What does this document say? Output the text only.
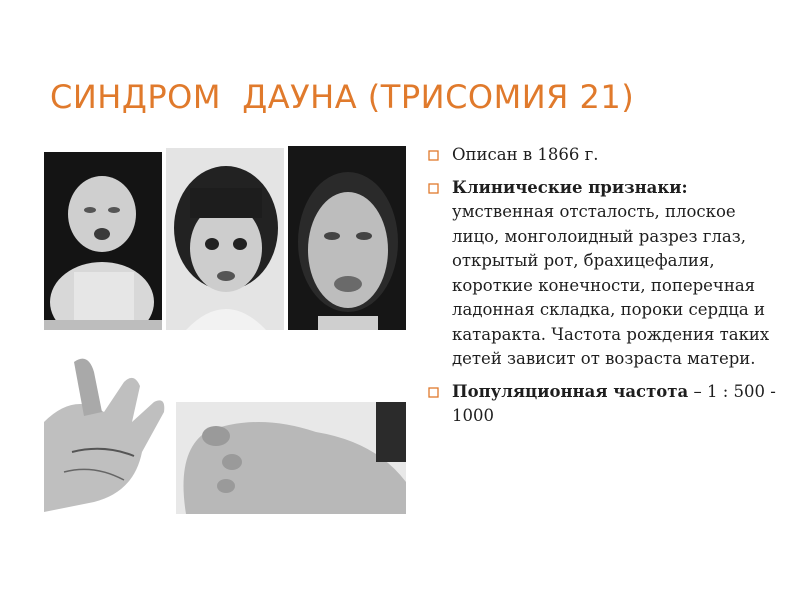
СИНДРОМ  ДАУНА (ТРИСОМИЯ 21)
Описан в 1866 г.
Клинические признаки: умственная отсталость, плоское лицо, монголоидный разрез глаз, открытый рот, брахицефалия, короткие конечности, поперечная ладонная складка, пороки сердца и катаракта. Частота рождения таких детей зависит от возраста матери.
Популяционная частота – 1 : 500 - 1000
